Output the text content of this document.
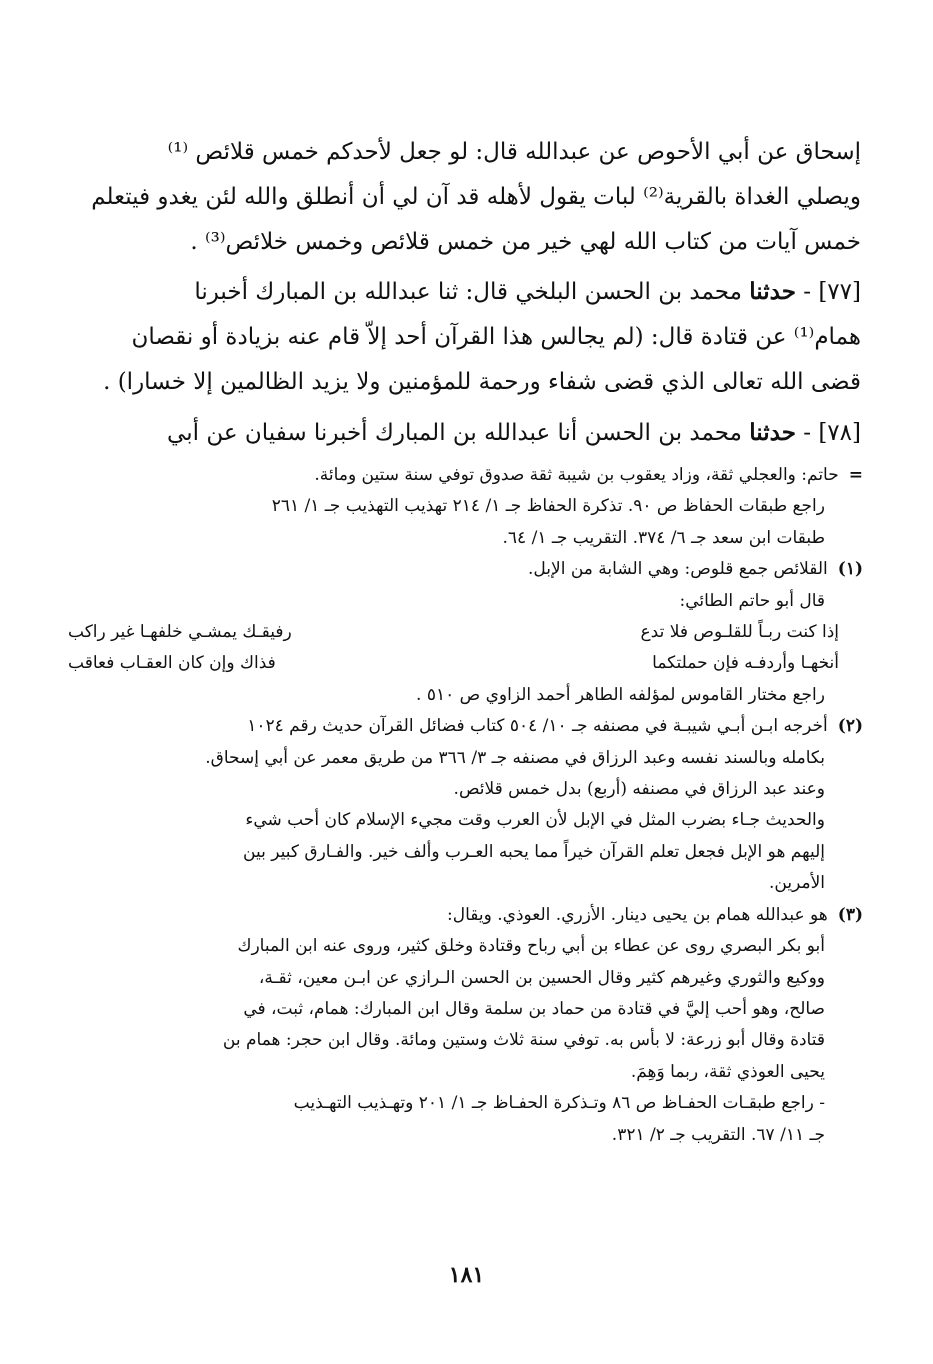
إسحاق عن أبي الأحوص عن عبدالله قال: لو جعل لأحدكم خمس قلائص ⁽¹⁾

ويصلي الغداة بالقرية⁽²⁾ لبات يقول لأهله قد آن لي أن أنطلق والله لئن يغدو فيتعلم

خمس آيات من كتاب الله لهي خير من خمس قلائص وخمس خلائص⁽³⁾ .

[٧٧] - حدثنا محمد بن الحسن البلخي قال: ثنا عبدالله بن المبارك أخبرنا

همام⁽¹⁾ عن قتادة قال: (لم يجالس هذا القرآن أحد إلاّ قام عنه بزيادة أو نقصان

قضى الله تعالى الذي قضى شفاء ورحمة للمؤمنين ولا يزيد الظالمين إلا خسارا) .

[٧٨] - حدثنا محمد بن الحسن أنا عبدالله بن المبارك أخبرنا سفيان عن أبي

=حاتم: والعجلي ثقة، وزاد يعقوب بن شيبة ثقة صدوق توفي سنة ستين ومائة.

راجع طبقات الحفاظ ص ٩٠. تذكرة الحفاظ جـ ١/ ٢١٤ تهذيب التهذيب جـ ١/ ٢٦١

طبقات ابن سعد جـ ٦/ ٣٧٤. التقريب جـ ١/ ٦٤.

(١)القلائص جمع قلوص: وهي الشابة من الإبل.

قال أبو حاتم الطائي:

إذا كنت ربـاً للقلـوص فلا تدع
رفيقـك يمشـي خلفهـا غير راكب

أنخهـا وأردفـه فإن حملتكما
فذاك وإن كان العقـاب فعاقب

راجع مختار القاموس لمؤلفه الطاهر أحمد الزاوي ص ٥١٠ .

(٢)أخرجه ابـن أبـي شيبـة في مصنفه جـ ١٠/ ٥٠٤ كتاب فضائل القرآن حديث رقم ١٠٢٤

بكامله وبالسند نفسه وعبد الرزاق في مصنفه جـ ٣/ ٣٦٦ من طريق معمر عن أبي إسحاق.

وعند عبد الرزاق في مصنفه (أربع) بدل خمس قلائص.

والحديث جـاء بضرب المثل في الإبل لأن العرب وقت مجيء الإسلام كان أحب شيء

إليهم هو الإبل فجعل تعلم القرآن خيراً مما يحبه العـرب وألف خير. والفـارق كبير بين

الأمرين.

(٣)هو عبدالله همام بن يحيى دينار. الأزري. العوذي. ويقال:

أبو بكر البصري روى عن عطاء بن أبي رباح وقتادة وخلق كثير، وروى عنه ابن المبارك

ووكيع والثوري وغيرهم كثير وقال الحسين بن الحسن الـرازي عن ابـن معين، ثقـة،

صالح، وهو أحب إليَّ في قتادة من حماد بن سلمة وقال ابن المبارك: همام، ثبت، في

قتادة وقال أبو زرعة: لا بأس به. توفي سنة ثلاث وستين ومائة. وقال ابن حجر: همام بن

يحيى العوذي ثقة، ربما وَهِمَ.

- راجع طبقـات الحفـاظ ص ٨٦ وتـذكرة الحفـاظ جـ ١/ ٢٠١ وتهـذيب التهـذيب

جـ ١١/ ٦٧. التقريب جـ ٢/ ٣٢١.

١٨١
